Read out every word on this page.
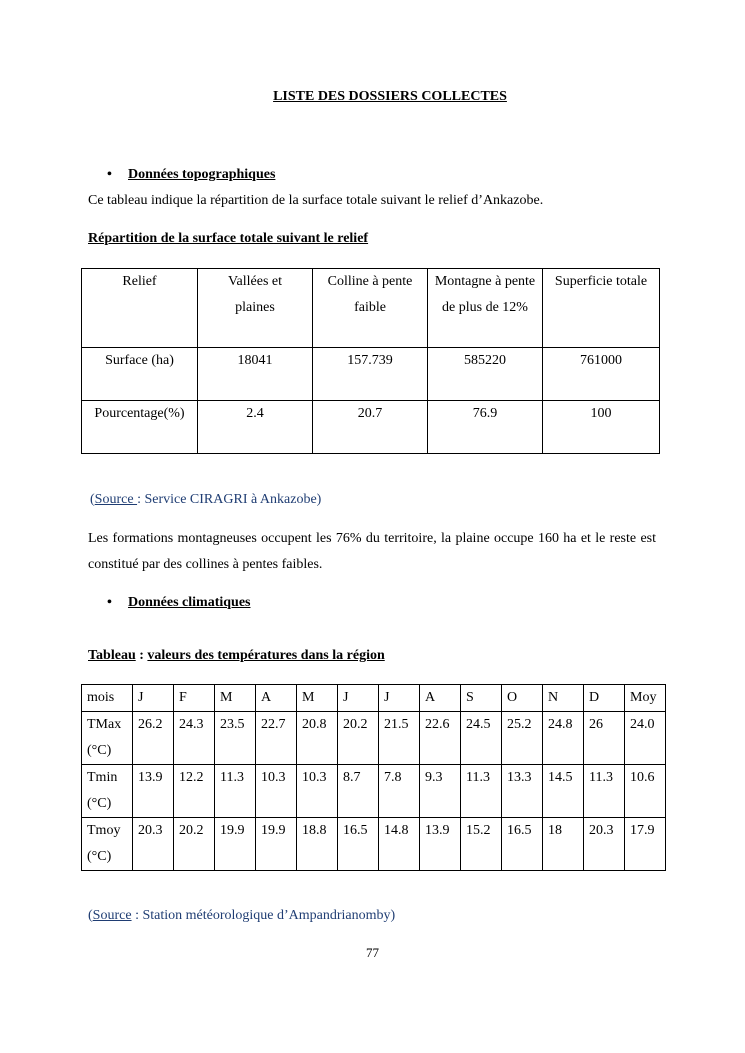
LISTE DES DOSSIERS COLLECTES
• Données topographiques
Ce tableau indique la répartition de la surface totale suivant le relief d’Ankazobe.
Répartition de la surface totale suivant le relief
Relief	Vallées et plaines	Colline à pente faible	Montagne à pente de plus de 12%	Superficie totale
Surface (ha)	18041	157.739	585220	761000
Pourcentage(%)	2.4	20.7	76.9	100
(Source : Service CIRAGRI à Ankazobe)
Les formations montagneuses occupent les 76% du territoire, la plaine occupe 160 ha et le reste est constitué par des collines à pentes faibles.
• Données climatiques
Tableau : valeurs des températures dans la région
mois	J	F	M	A	M	J	J	A	S	O	N	D	Moy
TMax (°C)	26.2	24.3	23.5	22.7	20.8	20.2	21.5	22.6	24.5	25.2	24.8	26	24.0
Tmin (°C)	13.9	12.2	11.3	10.3	10.3	8.7	7.8	9.3	11.3	13.3	14.5	11.3	10.6
Tmoy (°C)	20.3	20.2	19.9	19.9	18.8	16.5	14.8	13.9	15.2	16.5	18	20.3	17.9
(Source : Station météorologique d’Ampandrianomby)
77
